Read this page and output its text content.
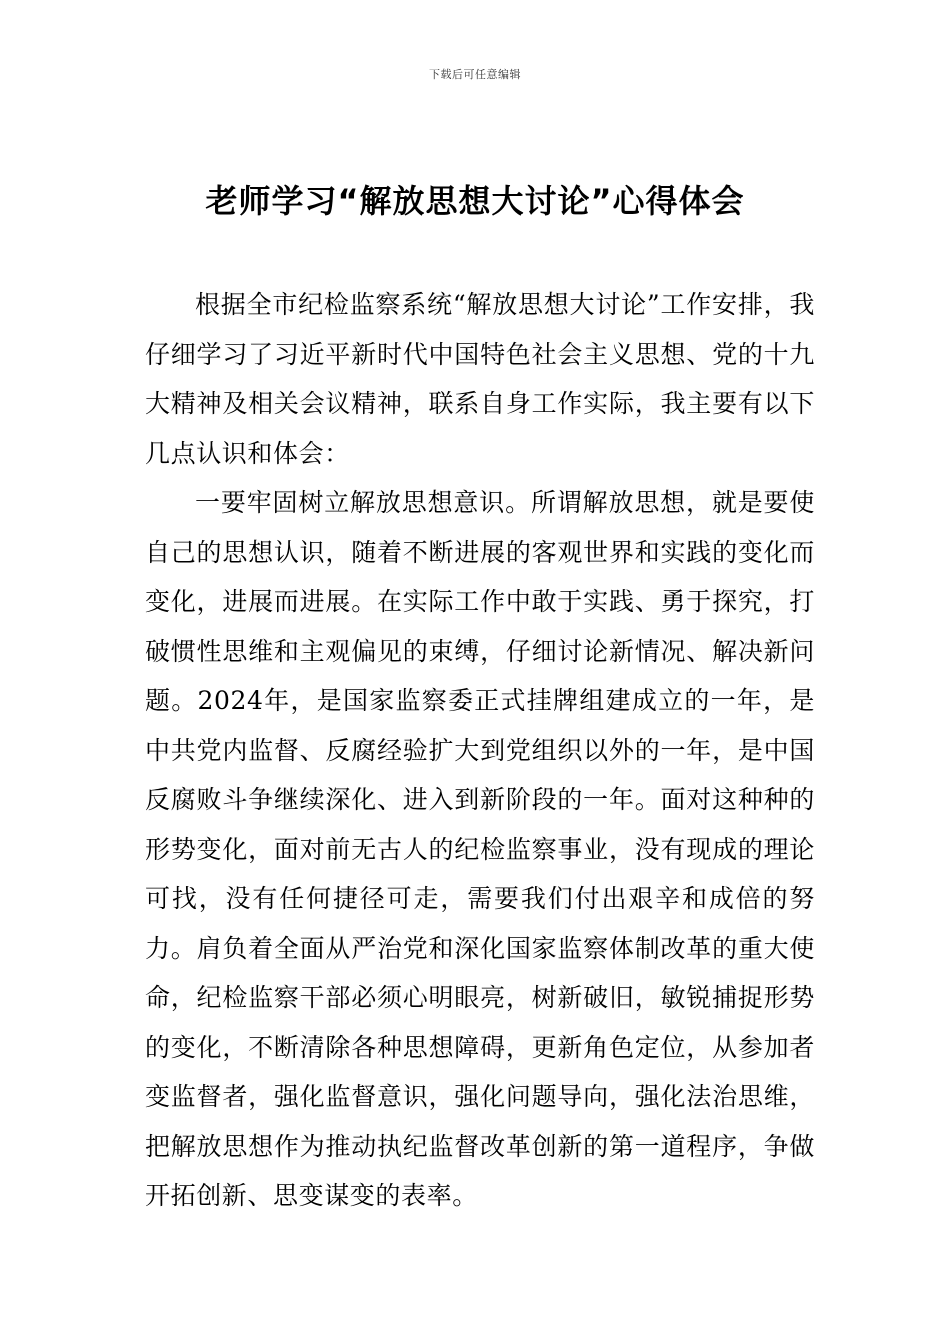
下载后可任意编辑
老师学习“解放思想大讨论”心得体会

根据全市纪检监察系统“解放思想大讨论”工作安排，我仔细学习了习近平新时代中国特色社会主义思想、党的十九大精神及相关会议精神，联系自身工作实际，我主要有以下几点认识和体会：

一要牢固树立解放思想意识。所谓解放思想，就是要使自己的思想认识，随着不断进展的客观世界和实践的变化而变化，进展而进展。在实际工作中敢于实践、勇于探究，打破惯性思维和主观偏见的束缚，仔细讨论新情况、解决新问题。2024年，是国家监察委正式挂牌组建成立的一年，是中共党内监督、反腐经验扩大到党组织以外的一年，是中国反腐败斗争继续深化、进入到新阶段的一年。面对这种种的形势变化，面对前无古人的纪检监察事业，没有现成的理论可找，没有任何捷径可走，需要我们付出艰辛和成倍的努力。肩负着全面从严治党和深化国家监察体制改革的重大使命，纪检监察干部必须心明眼亮，树新破旧，敏锐捕捉形势的变化，不断清除各种思想障碍，更新角色定位，从参加者变监督者，强化监督意识，强化问题导向，强化法治思维，把解放思想作为推动执纪监督改革创新的第一道程序，争做开拓创新、思变谋变的表率。
